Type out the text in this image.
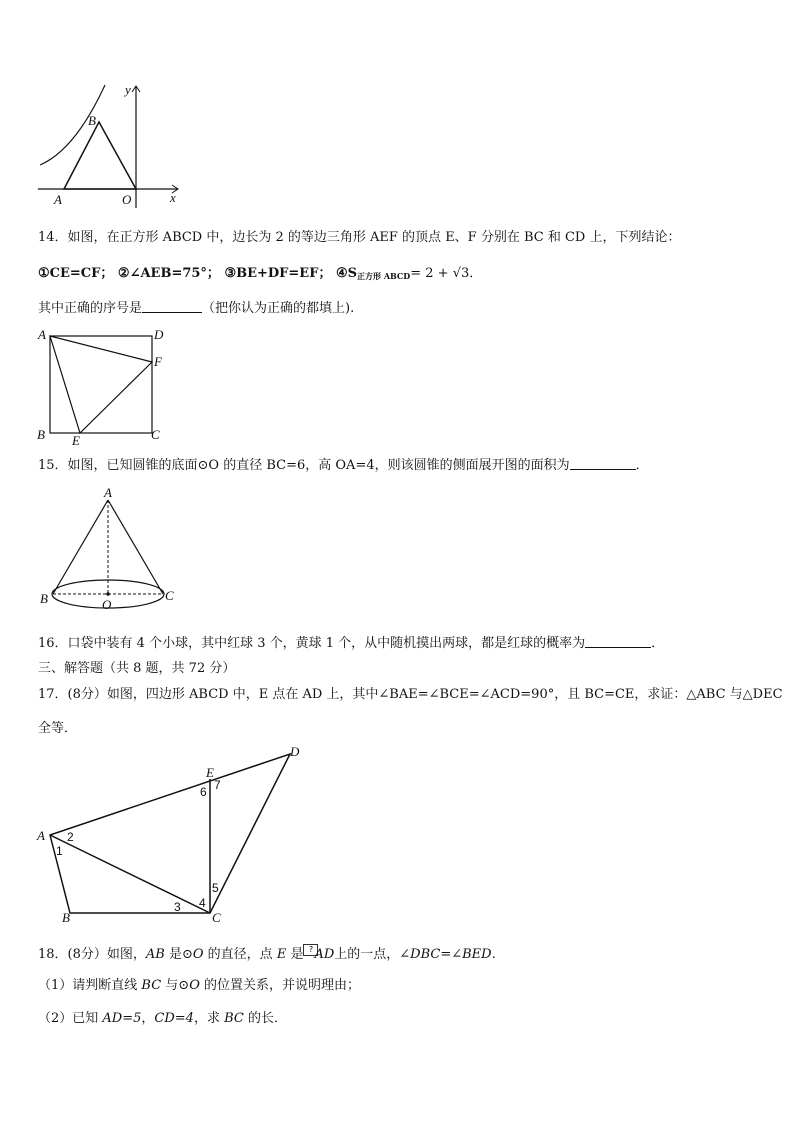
y
B
A	O	x
14．如图，在正方形 ABCD 中，边长为 2 的等边三角形 AEF 的顶点 E、F 分别在 BC 和 CD 上，下列结论：
①CE=CF； ②∠AEB=75°； ③BE+DF=EF； $④S_{正方形 ABCD}= 2 + √3$．
其中正确的序号是	（把你认为正确的都填上).
A	D
F
B E	C
15．如图，已知圆锥的底面⊙O 的直径 BC=6，高 OA=4，则该圆锥的侧面展开图的面积为	．
A
B	O
C
16．口袋中装有 4 个小球，其中红球 3 个，黄球 1 个，从中随机摸出两球，都是红球的概率为	．
三、解答题（共 8 题，共 72 分）
17．(8分）如图，四边形 ABCD 中，E 点在 AD 上，其中∠BAE=∠BCE=∠ACD=90°，且 BC=CE，求证：△ABC 与△DEC
全等．
E
D
A
B	C
1
2
3 4
5
6 7
18．(8分）如图，AB 是⊙O 的直径，点 E 是 ?AD上的一点，∠DBC=∠BED．
（1）请判断直线 BC 与⊙O 的位置关系，并说明理由；
（2）已知 AD=5，CD=4，求 BC 的长．
